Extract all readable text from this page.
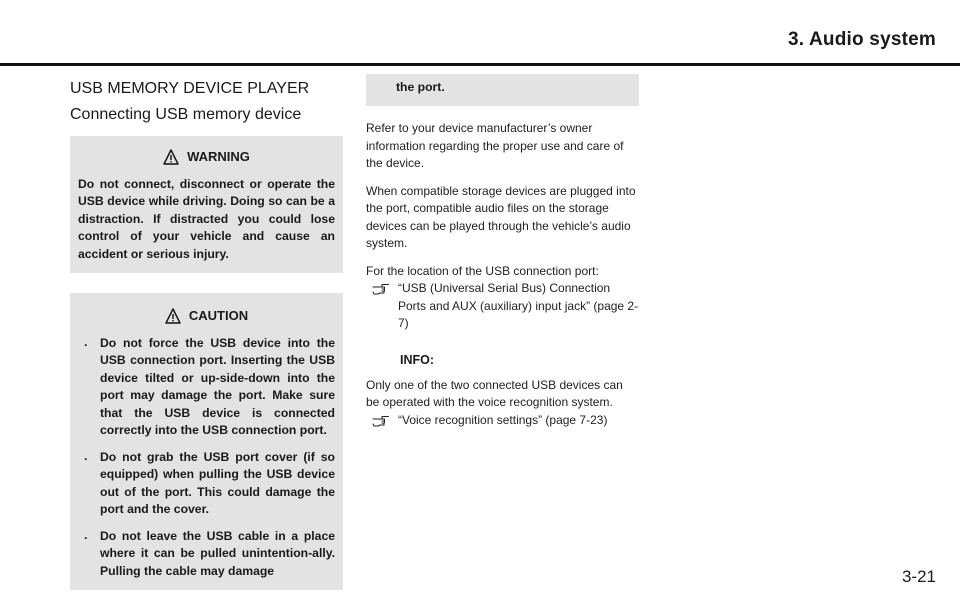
3. Audio system
USB MEMORY DEVICE PLAYER
Connecting USB memory device
WARNING

Do not connect, disconnect or operate the USB device while driving. Doing so can be a distraction. If distracted you could lose control of your vehicle and cause an accident or serious injury.

CAUTION
. Do not force the USB device into the USB connection port. Inserting the USB device tilted or up-side-down into the port may damage the port. Make sure that the USB device is connected correctly into the USB connection port.
. Do not grab the USB port cover (if so equipped) when pulling the USB device out of the port. This could damage the port and the cover.
. Do not leave the USB cable in a place where it can be pulled unintention-ally. Pulling the cable may damage
the port.

Refer to your device manufacturer’s owner information regarding the proper use and care of the device.

When compatible storage devices are plugged into the port, compatible audio files on the storage devices can be played through the vehicle’s audio system.

For the location of the USB connection port:

“USB (Universal Serial Bus) Connection Ports and AUX (auxiliary) input jack” (page 2-7)
INFO:

Only one of the two connected USB devices can be operated with the voice recognition system.

“Voice recognition settings” (page 7-23)
3-21
